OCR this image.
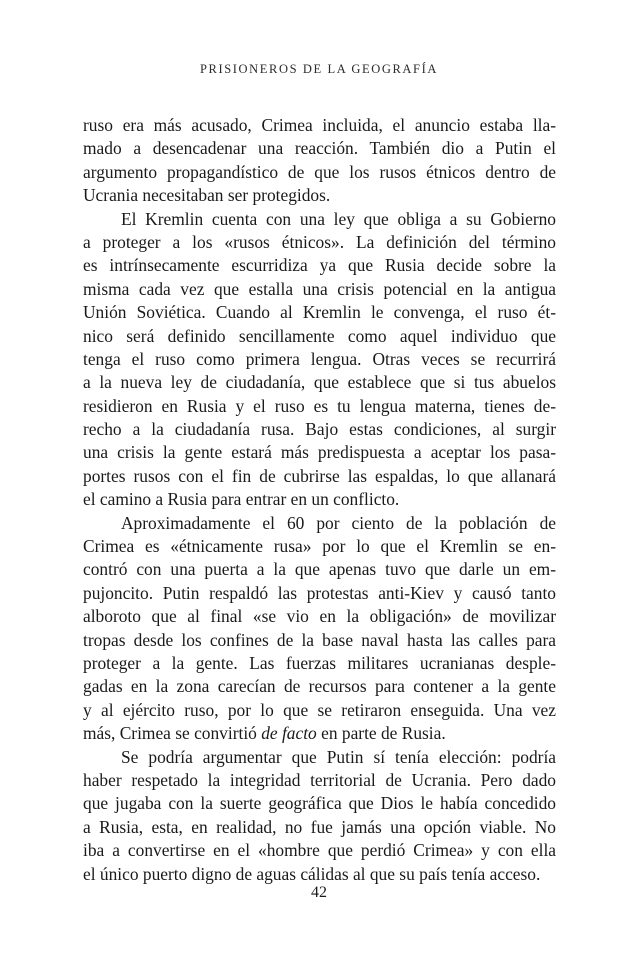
PRISIONEROS DE LA GEOGRAFÍA
ruso era más acusado, Crimea incluida, el anuncio estaba lla-
mado a desencadenar una reacción. También dio a Putin el
argumento propagandístico de que los rusos étnicos dentro de
Ucrania necesitaban ser protegidos.
El Kremlin cuenta con una ley que obliga a su Gobierno
a proteger a los «rusos étnicos». La definición del término
es intrínsecamente escurridiza ya que Rusia decide sobre la
misma cada vez que estalla una crisis potencial en la antigua
Unión Soviética. Cuando al Kremlin le convenga, el ruso ét-
nico será definido sencillamente como aquel individuo que
tenga el ruso como primera lengua. Otras veces se recurrirá
a la nueva ley de ciudadanía, que establece que si tus abuelos
residieron en Rusia y el ruso es tu lengua materna, tienes de-
recho a la ciudadanía rusa. Bajo estas condiciones, al surgir
una crisis la gente estará más predispuesta a aceptar los pasa-
portes rusos con el fin de cubrirse las espaldas, lo que allanará
el camino a Rusia para entrar en un conflicto.
Aproximadamente el 60 por ciento de la población de
Crimea es «étnicamente rusa» por lo que el Kremlin se en-
contró con una puerta a la que apenas tuvo que darle un em-
pujoncito. Putin respaldó las protestas anti-Kiev y causó tanto
alboroto que al final «se vio en la obligación» de movilizar
tropas desde los confines de la base naval hasta las calles para
proteger a la gente. Las fuerzas militares ucranianas desple-
gadas en la zona carecían de recursos para contener a la gente
y al ejército ruso, por lo que se retiraron enseguida. Una vez
más, Crimea se convirtió de facto en parte de Rusia.
Se podría argumentar que Putin sí tenía elección: podría
haber respetado la integridad territorial de Ucrania. Pero dado
que jugaba con la suerte geográfica que Dios le había concedido
a Rusia, esta, en realidad, no fue jamás una opción viable. No
iba a convertirse en el «hombre que perdió Crimea» y con ella
el único puerto digno de aguas cálidas al que su país tenía acceso.
42
